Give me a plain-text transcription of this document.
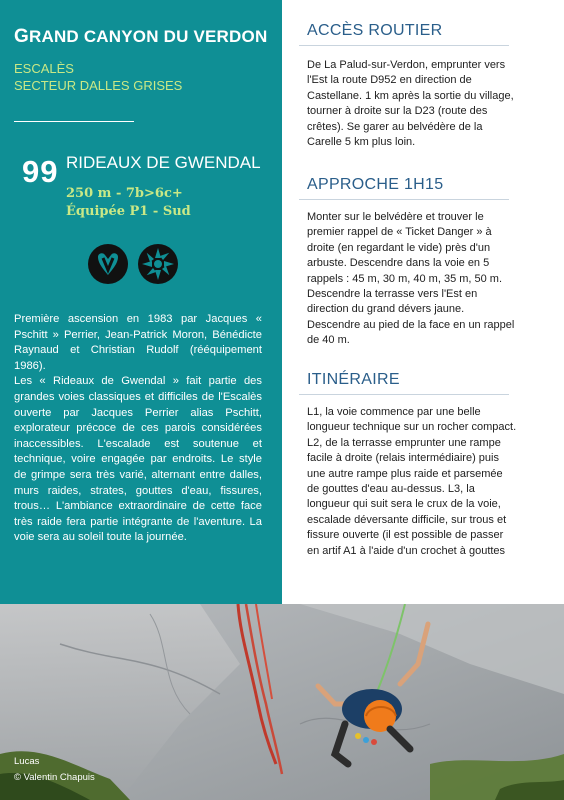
GRAND CANYON DU VERDON
ESCALÈS
SECTEUR DALLES GRISES
99 RIDEAUX DE GWENDAL
250 m - 7b>6c+
Équipée P1 - Sud

Première ascension en 1983 par Jacques « Pschitt » Perrier, Jean-Patrick Moron, Bénédicte Raynaud et Christian Rudolf (rééquipement 1986).

Les « Rideaux de Gwendal » fait partie des grandes voies classiques et difficiles de l'Escalès ouverte par Jacques Perrier alias Pschitt, explorateur précoce de ces parois considérées inaccessibles. L'escalade est soutenue et technique, voire engagée par endroits. Le style de grimpe sera très varié, alternant entre dalles, murs raides, strates, gouttes d'eau, fissures, trous… L'ambiance extraordinaire de cette face très raide fera partie intégrante de l'aventure. La voie sera au soleil toute la journée.

ACCÈS ROUTIER
De La Palud-sur-Verdon, emprunter vers l'Est la route D952 en direction de Castellane. 1 km après la sortie du village, tourner à droite sur la D23 (route des crêtes). Se garer au belvédère de la Carelle 5 km plus loin.
APPROCHE 1H15
Monter sur le belvédère et trouver le premier rappel de « Ticket Danger » à droite (en regardant le vide) près d'un arbuste. Descendre dans la voie en 5 rappels : 45 m, 30 m, 40 m, 35 m, 50 m. Descendre la terrasse vers l'Est en direction du grand dévers jaune. Descendre au pied de la face en un rappel de 40 m.
ITINÉRAIRE
L1, la voie commence par une belle longueur technique sur un rocher compact. L2, de la terrasse emprunter une rampe facile à droite (relais intermédiaire) puis une autre rampe plus raide et parsemée de gouttes d'eau au-dessus. L3, la longueur qui suit sera le crux de la voie, escalade déversante difficile, sur trous et fissure ouverte (il est possible de passer en artif A1 à l'aide d'un crochet à gouttes
Lucas
© Valentin Chapuis
